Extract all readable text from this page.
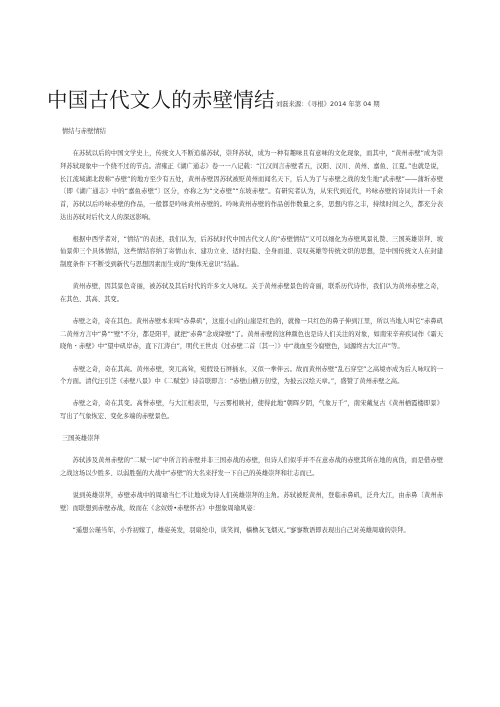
中国古代文人的赤壁情结 刘磊来源：《寻根》2014 年第 04 期

情结与赤壁情结

在苏轼以后的中国文学史上，传统文人不断追慕苏轼，崇拜苏轼，成为一种有趣味且有意味的文化现象，而其中，“黄州赤壁”成为崇拜苏轼现象中一个绕不过的节点。清雍正《湖广通志》卷一一八记载：“江汉间言赤壁者五，汉阳、汉川、黄州、嘉鱼、江夏。”也就是说，长江流域湖北段称“赤壁”的地方至少有五处，黄州赤壁因苏轼被贬黄州而闻名天下，后人为了与赤壁之战的发生地“武赤壁”——蒲圻赤壁〔即《湖广通志》中的“嘉鱼赤壁”〕区分，亦称之为“文赤壁”“东坡赤壁”。有研究者认为，从宋代到近代，吟咏赤壁的诗词共计一千余首，苏轼以后吟咏赤壁的作品，一般都是吟咏黄州赤壁的。吟咏黄州赤壁的作品创作数量之多，思想内容之丰，持续时间之久，都充分表达出苏轼对后代文人的深远影响。

根据中西学者对，“情结”的表述，我们认为，后苏轼时代中国古代文人的“赤壁情结”又可以细化为赤壁风景礼赞、三国英雄崇拜、坡仙景仰三个具体情结，这些情结容纳了寄情山水、建功立业、适时归隐、全身而退、哀叹英雄等传统文织的思想，是中国传统文人在封建制度条件下不断受到新代与思想因素而生成的“集体无意识”结晶。

黄州赤壁，因其景色奇丽，被苏轼及其后时代的许多文人咏叹。关于黄州赤壁景色的奇丽，联系历代诗作，我们认为黄州赤壁之奇，在其色、其高、其变。

赤壁之奇，奇在其色。黄州赤壁本来叫“赤鼻矶”，这座小山的山崖是红色的，就像一只红色的鼻子伸到江里，所以当地人叫它“赤鼻矶二黄州方言中“鼻”“壁”不分，都是阳平，就把“赤鼻”念成绛壁”了。黄州赤壁的这种颜色也是诗人们关注的对象，如南宋辛弃疾词作《霜天晓角・赤壁》中“望中矶岸赤，直下江涛白”，明代王世贞《过赤壁二首〔其一〕》中“战血至今腐壁色，词源终古大江声”等。

赤壁之奇，奇在其高。黄州赤壁，突兀高耸，宛假设石屏插水，又似一拳伴云。故而黄州赤壁“乱石穿空”之高境亦成为后人咏叹的一个方面。清代汪引芝《赤壁八景》中《二赋堂》诗首联即言：“赤壁山横万仞堂，为披云汉绘天章。”，盛赞了黄州赤壁之高。

赤壁之奇，奇在其变。高誉赤壁，与大江相表里，与云雾相映衬，使得此地“朝晖夕阴，气象万千”，南宋戴复古《黄州栖霞楼即景》写出了气象恢宏、变化多端的赤壁景色。

三国英雄崇拜

苏轼涉及黄州赤壁的“二赋一词”中所言的赤壁并非三国赤战的赤壁，但诗人们似乎并不在意赤战的赤壁其所在地的真伪，而是借赤壁之战这场以少胜多、以弱胜强的大战中“赤壁”的大名来抒发一下自己的英雄崇拜和壮志而已。

说到英雄崇拜，赤壁赤战中的周瑜当仁不让地成为诗人们英雄崇拜的主角。苏轼被贬黄州，登临赤鼻矶，泛舟大江，由赤鼻〔黄州赤壁〕而联想到赤壁赤战，故而在《念奴娇•赤壁怀古》中想象周瑜风姿：

“遥想公瑾当年，小乔初嫁了，雄姿英发，羽扇纶巾，谈笑间，樯橹灰飞烟灭。”寥寥数语即表现出自己对英雄周瑜的崇拜。
